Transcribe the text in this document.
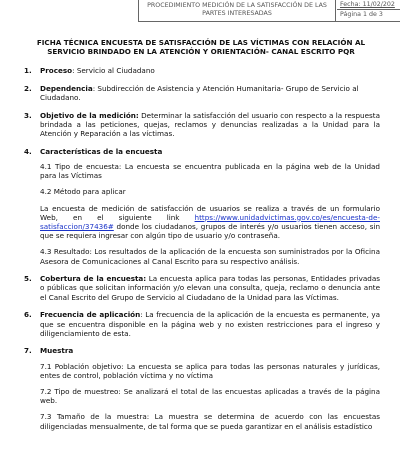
PROCEDIMIENTO MEDICIÓN DE LA SATISFACCIÓN DE LAS PARTES INTERESADAS
Fecha: 11/02/202
Página 1 de 3
FICHA TÉCNICA ENCUESTA DE SATISFACCIÓN DE LAS VÍCTIMAS CON RELACIÓN AL SERVICIO BRINDADO EN LA ATENCIÓN Y ORIENTACIÓN- CANAL ESCRITO PQR
1. Proceso: Servicio al Ciudadano
2. Dependencia: Subdirección de Asistencia y Atención Humanitaria- Grupo de Servicio al Ciudadano.
3. Objetivo de la medición: Determinar la satisfacción del usuario con respecto a la respuesta brindada a las peticiones, quejas, reclamos y denuncias realizadas a la Unidad para la Atención y Reparación a las víctimas.
4. Características de la encuesta

4.1 Tipo de encuesta: La encuesta se encuentra publicada en la página web de la Unidad para las Víctimas

4.2 Método para aplicar

La encuesta de medición de satisfacción de usuarios se realiza a través de un formulario Web, en el siguiente link https://www.unidadvictimas.gov.co/es/encuesta-de-satisfaccion/37436# donde los ciudadanos, grupos de interés y/o usuarios tienen acceso, sin que se requiera ingresar con algún tipo de usuario y/o contraseña.

4.3 Resultado: Los resultados de la aplicación de la encuesta son suministrados por la Oficina Asesora de Comunicaciones al Canal Escrito para su respectivo análisis.

5. Cobertura de la encuesta: La encuesta aplica para todas las personas, Entidades privadas o públicas que solicitan información y/o elevan una consulta, queja, reclamo o denuncia ante el Canal Escrito del Grupo de Servicio al Ciudadano de la Unidad para las Víctimas.
6. Frecuencia de aplicación: La frecuencia de la aplicación de la encuesta es permanente, ya que se encuentra disponible en la página web y no existen restricciones para el ingreso y diligenciamiento de esta.
7. Muestra

7.1 Población objetivo: La encuesta se aplica para todas las personas naturales y jurídicas, entes de control, población víctima y no víctima

7.2 Tipo de muestreo: Se analizará el total de las encuestas aplicadas a través de la página web.

7.3 Tamaño de la muestra: La muestra se determina de acuerdo con las encuestas diligenciadas mensualmente, de tal forma que se pueda garantizar en el análisis estadístico
